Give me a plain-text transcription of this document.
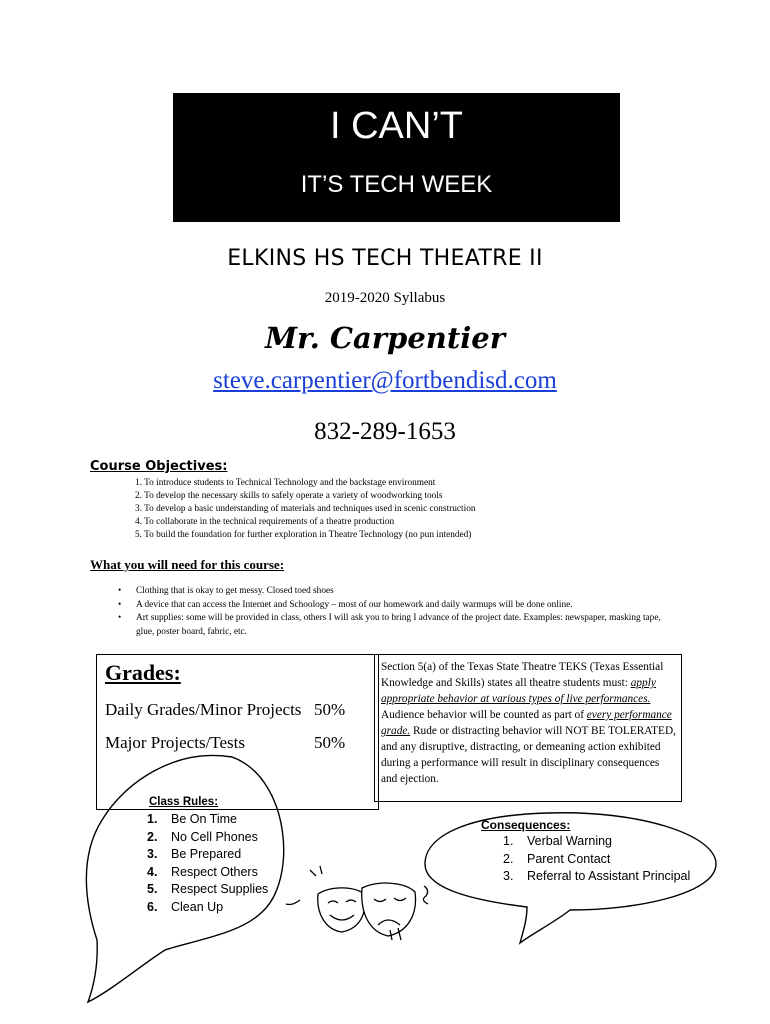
I CAN’T
IT’S TECH WEEK
ELKINS HS TECH THEATRE II
2019-2020 Syllabus
Mr. Carpentier
steve.carpentier@fortbendisd.com
832-289-1653
Course Objectives:
1. To introduce students to Technical Technology and the backstage environment
2. To develop the necessary skills to safely operate a variety of woodworking tools
3. To develop a basic understanding of materials and techniques used in scenic construction
4. To collaborate in the technical requirements of a theatre production
5. To build the foundation for further exploration in Theatre Technology (no pun intended)
What you will need for this course:
• Clothing that is okay to get messy. Closed toed shoes
• A device that can access the Internet and Schoology – most of our homework and daily warmups will be done online.
• Art supplies: some will be provided in class, others I will ask you to bring I advance of the project date. Examples: newspaper, masking tape, glue, poster board, fabric, etc.
Grades:
Daily Grades/Minor Projects 50%
Major Projects/Tests	50%
Section 5(a) of the Texas State Theatre TEKS (Texas Essential Knowledge and Skills) states all theatre students must: apply appropriate behavior at various types of live performances. Audience behavior will be counted as part of every performance grade. Rude or distracting behavior will NOT BE TOLERATED, and any disruptive, distracting, or demeaning action exhibited during a performance will result in disciplinary consequences and ejection.
Class Rules:
1. Be On Time
2. No Cell Phones
3. Be Prepared
4. Respect Others
5. Respect Supplies
6. Clean Up
Consequences:
1. Verbal Warning
2. Parent Contact
3. Referral to Assistant Principal
